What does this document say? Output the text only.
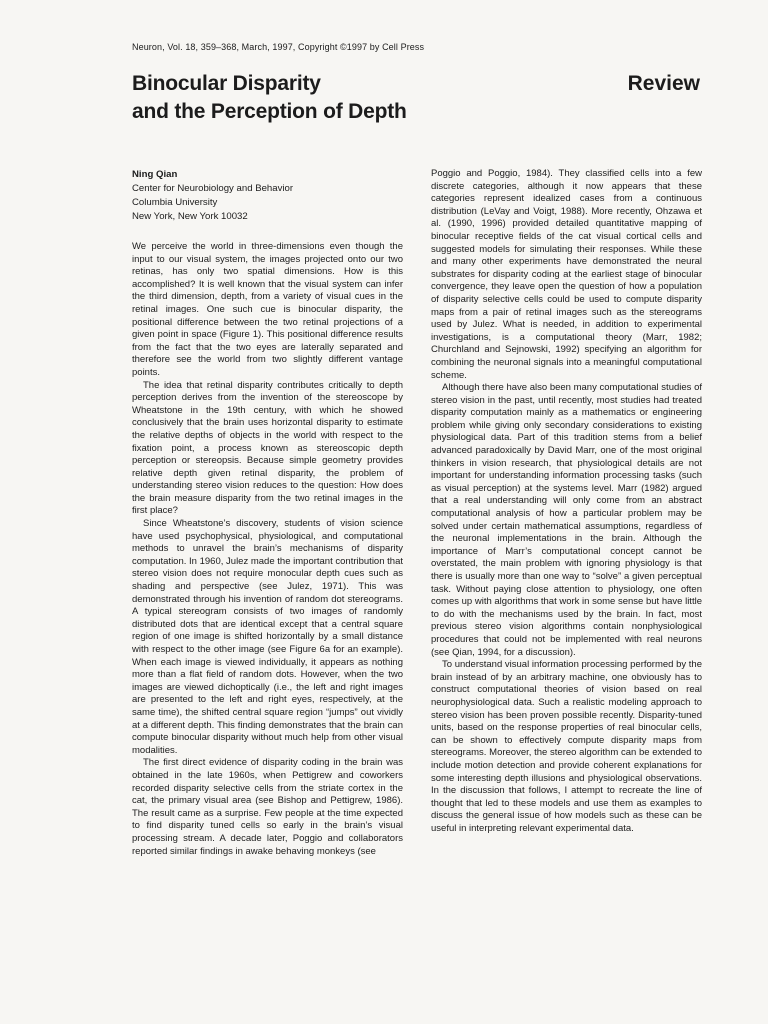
Neuron, Vol. 18, 359–368, March, 1997, Copyright ©1997 by Cell Press
Binocular Disparity
and the Perception of Depth
Review
Ning Qian
Center for Neurobiology and Behavior
Columbia University
New York, New York 10032

We perceive the world in three-dimensions even though the input to our visual system, the images projected onto our two retinas, has only two spatial dimensions. How is this accomplished? It is well known that the visual system can infer the third dimension, depth, from a variety of visual cues in the retinal images. One such cue is binocular disparity, the positional difference between the two retinal projections of a given point in space (Figure 1). This positional difference results from the fact that the two eyes are laterally separated and therefore see the world from two slightly different vantage points.

The idea that retinal disparity contributes critically to depth perception derives from the invention of the stereoscope by Wheatstone in the 19th century, with which he showed conclusively that the brain uses horizontal disparity to estimate the relative depths of objects in the world with respect to the fixation point, a process known as stereoscopic depth perception or stereopsis. Because simple geometry provides relative depth given retinal disparity, the problem of understanding stereo vision reduces to the question: How does the brain measure disparity from the two retinal images in the first place?

Since Wheatstone’s discovery, students of vision science have used psychophysical, physiological, and computational methods to unravel the brain’s mechanisms of disparity computation. In 1960, Julez made the important contribution that stereo vision does not require monocular depth cues such as shading and perspective (see Julez, 1971). This was demonstrated through his invention of random dot stereograms. A typical stereogram consists of two images of randomly distributed dots that are identical except that a central square region of one image is shifted horizontally by a small distance with respect to the other image (see Figure 6a for an example). When each image is viewed individually, it appears as nothing more than a flat field of random dots. However, when the two images are viewed dichoptically (i.e., the left and right images are presented to the left and right eyes, respectively, at the same time), the shifted central square region “jumps” out vividly at a different depth. This finding demonstrates that the brain can compute binocular disparity without much help from other visual modalities.

The first direct evidence of disparity coding in the brain was obtained in the late 1960s, when Pettigrew and coworkers recorded disparity selective cells from the striate cortex in the cat, the primary visual area (see Bishop and Pettigrew, 1986). The result came as a surprise. Few people at the time expected to find disparity tuned cells so early in the brain’s visual processing stream. A decade later, Poggio and collaborators reported similar findings in awake behaving monkeys (see

Poggio and Poggio, 1984). They classified cells into a few discrete categories, although it now appears that these categories represent idealized cases from a continuous distribution (LeVay and Voigt, 1988). More recently, Ohzawa et al. (1990, 1996) provided detailed quantitative mapping of binocular receptive fields of the cat visual cortical cells and suggested models for simulating their responses. While these and many other experiments have demonstrated the neural substrates for disparity coding at the earliest stage of binocular convergence, they leave open the question of how a population of disparity selective cells could be used to compute disparity maps from a pair of retinal images such as the stereograms used by Julez. What is needed, in addition to experimental investigations, is a computational theory (Marr, 1982; Churchland and Sejnowski, 1992) specifying an algorithm for combining the neuronal signals into a meaningful computational scheme.

Although there have also been many computational studies of stereo vision in the past, until recently, most studies had treated disparity computation mainly as a mathematics or engineering problem while giving only secondary considerations to existing physiological data. Part of this tradition stems from a belief advanced paradoxically by David Marr, one of the most original thinkers in vision research, that physiological details are not important for understanding information processing tasks (such as visual perception) at the systems level. Marr (1982) argued that a real understanding will only come from an abstract computational analysis of how a particular problem may be solved under certain mathematical assumptions, regardless of the neuronal implementations in the brain. Although the importance of Marr’s computational concept cannot be overstated, the main problem with ignoring physiology is that there is usually more than one way to “solve” a given perceptual task. Without paying close attention to physiology, one often comes up with algorithms that work in some sense but have little to do with the mechanisms used by the brain. In fact, most previous stereo vision algorithms contain nonphysiological procedures that could not be implemented with real neurons (see Qian, 1994, for a discussion).

To understand visual information processing performed by the brain instead of by an arbitrary machine, one obviously has to construct computational theories of vision based on real neurophysiological data. Such a realistic modeling approach to stereo vision has been proven possible recently. Disparity-tuned units, based on the response properties of real binocular cells, can be shown to effectively compute disparity maps from stereograms. Moreover, the stereo algorithm can be extended to include motion detection and provide coherent explanations for some interesting depth illusions and physiological observations. In the discussion that follows, I attempt to recreate the line of thought that led to these models and use them as examples to discuss the general issue of how models such as these can be useful in interpreting relevant experimental data.
